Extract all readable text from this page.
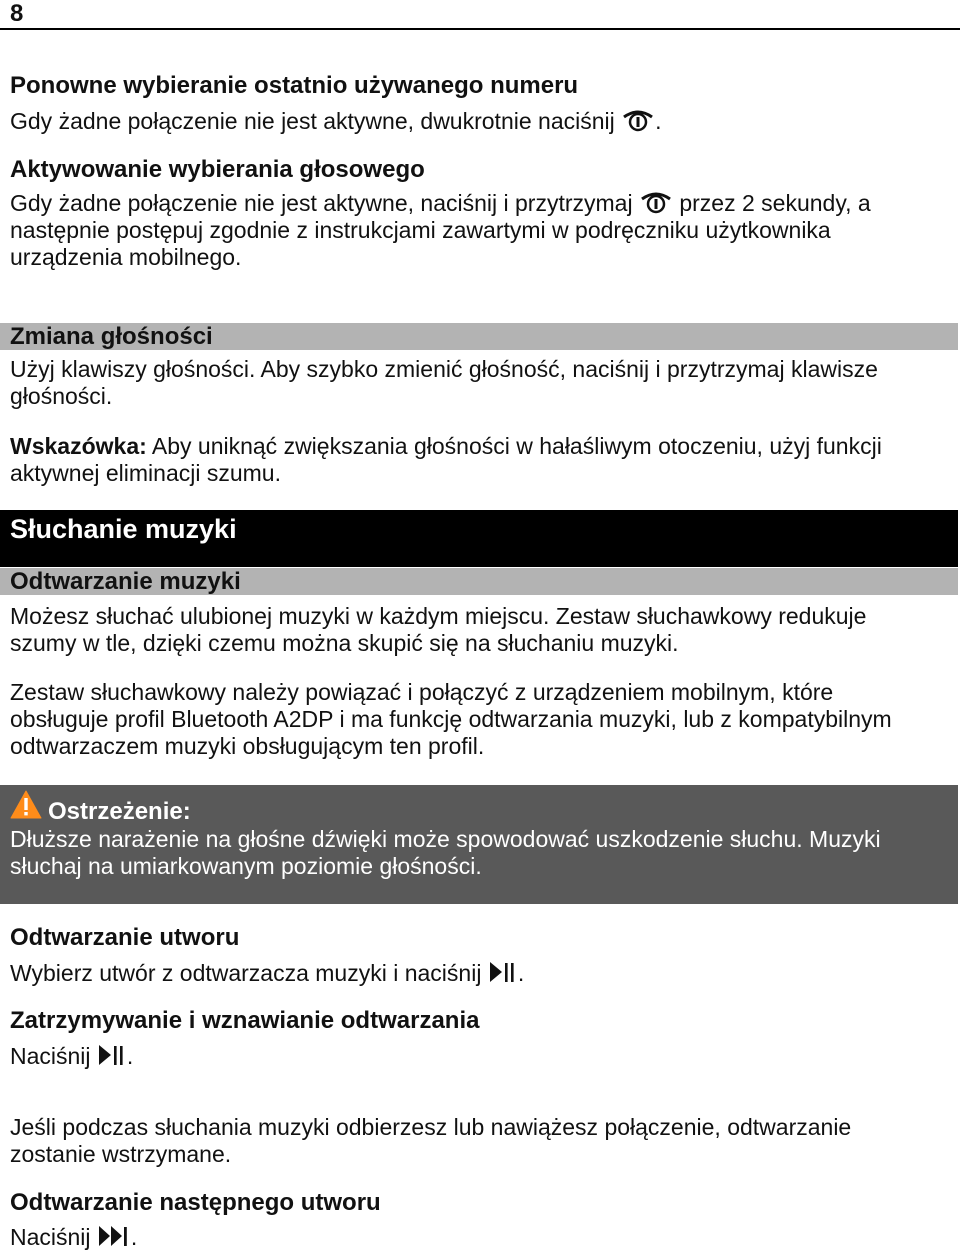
8
Ponowne wybieranie ostatnio używanego numeru
Gdy żadne połączenie nie jest aktywne, dwukrotnie naciśnij .
Aktywowanie wybierania głosowego
Gdy żadne połączenie nie jest aktywne, naciśnij i przytrzymaj przez 2 sekundy, a
następnie postępuj zgodnie z instrukcjami zawartymi w podręczniku użytkownika
urządzenia mobilnego.
Zmiana głośności
Użyj klawiszy głośności. Aby szybko zmienić głośność, naciśnij i przytrzymaj klawisze
głośności.
Wskazówka: Aby uniknąć zwiększania głośności w hałaśliwym otoczeniu, użyj funkcji
aktywnej eliminacji szumu.
Słuchanie muzyki
Odtwarzanie muzyki
Możesz słuchać ulubionej muzyki w każdym miejscu. Zestaw słuchawkowy redukuje
szumy w tle, dzięki czemu można skupić się na słuchaniu muzyki.
Zestaw słuchawkowy należy powiązać i połączyć z urządzeniem mobilnym, które
obsługuje profil Bluetooth A2DP i ma funkcję odtwarzania muzyki, lub z kompatybilnym
odtwarzaczem muzyki obsługującym ten profil.
Ostrzeżenie:
Dłuższe narażenie na głośne dźwięki może spowodować uszkodzenie słuchu. Muzyki
słuchaj na umiarkowanym poziomie głośności.
Odtwarzanie utworu
Wybierz utwór z odtwarzacza muzyki i naciśnij .
Zatrzymywanie i wznawianie odtwarzania
Naciśnij .
Jeśli podczas słuchania muzyki odbierzesz lub nawiążesz połączenie, odtwarzanie
zostanie wstrzymane.
Odtwarzanie następnego utworu
Naciśnij .
